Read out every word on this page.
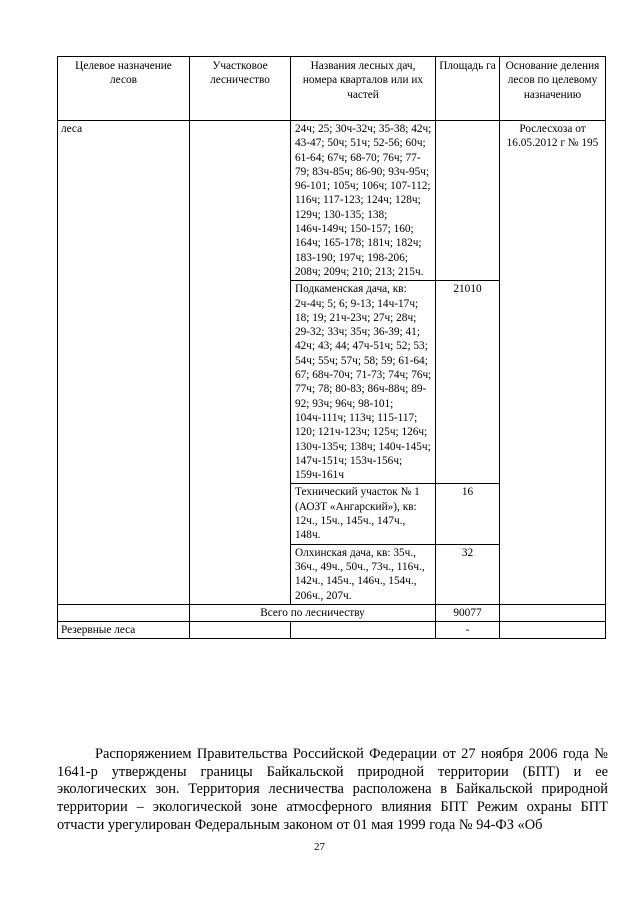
Целевое назначение лесов	Участковое лесничество	Названия лесных дач, номера кварталов или их частей	Площадь га	Основание деления лесов по целевому назначению
леса		24ч; 25; 30ч-32ч; 35-38; 42ч; 43-47; 50ч; 51ч; 52-56; 60ч; 61-64; 67ч; 68-70; 76ч; 77-79; 83ч-85ч; 86-90; 93ч-95ч; 96-101; 105ч; 106ч; 107-112; 116ч; 117-123; 124ч; 128ч; 129ч; 130-135; 138; 146ч-149ч; 150-157; 160; 164ч; 165-178; 181ч; 182ч; 183-190; 197ч; 198-206; 208ч; 209ч; 210; 213; 215ч.		Рослесхоза от 16.05.2012 г № 195
		Подкаменская дача, кв: 2ч-4ч; 5; 6; 9-13; 14ч-17ч; 18; 19; 21ч-23ч; 27ч; 28ч; 29-32; 33ч; 35ч; 36-39; 41; 42ч; 43; 44; 47ч-51ч; 52; 53; 54ч; 55ч; 57ч; 58; 59; 61-64; 67; 68ч-70ч; 71-73; 74ч; 76ч; 77ч; 78; 80-83; 86ч-88ч; 89-92; 93ч; 96ч; 98-101; 104ч-111ч; 113ч; 115-117; 120; 121ч-123ч; 125ч; 126ч; 130ч-135ч; 138ч; 140ч-145ч; 147ч-151ч; 153ч-156ч; 159ч-161ч	21010	
		Технический участок № 1 (АОЗТ «Ангарский»), кв: 12ч., 15ч., 145ч., 147ч., 148ч.	16	
		Олхинская дача, кв: 35ч., 36ч., 49ч., 50ч., 73ч., 116ч., 142ч., 145ч., 146ч., 154ч., 206ч., 207ч.	32	
	Всего по лесничеству		90077	
Резервные леса			-	

Распоряжением Правительства Российской Федерации от 27 ноября 2006 года № 1641-р утверждены границы Байкальской природной территории (БПТ) и ее экологических зон. Территория лесничества расположена в Байкальской природной территории – экологической зоне атмосферного влияния БПТ Режим охраны БПТ отчасти урегулирован Федеральным законом от 01 мая 1999 года № 94-ФЗ «Об

27
